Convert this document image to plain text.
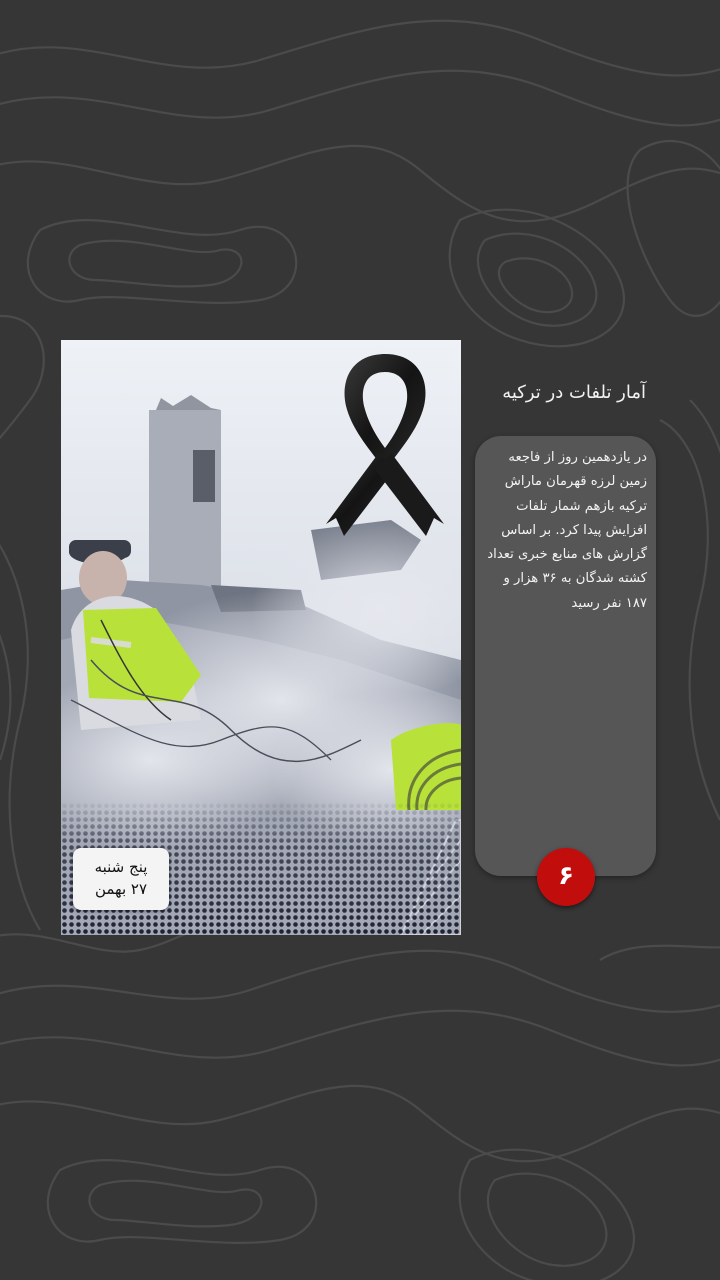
پنج شنبه
۲۷ بهمن
آمار تلفات در ترکیه
در یازدهمین روز از فاجعه زمین لرزه قهرمان ماراش ترکیه بازهم شمار تلفات افزایش پیدا کرد. بر اساس گزارش های منابع خبری تعداد کشته شدگان به ۳۶ هزار و ۱۸۷ نفر رسید
۶
